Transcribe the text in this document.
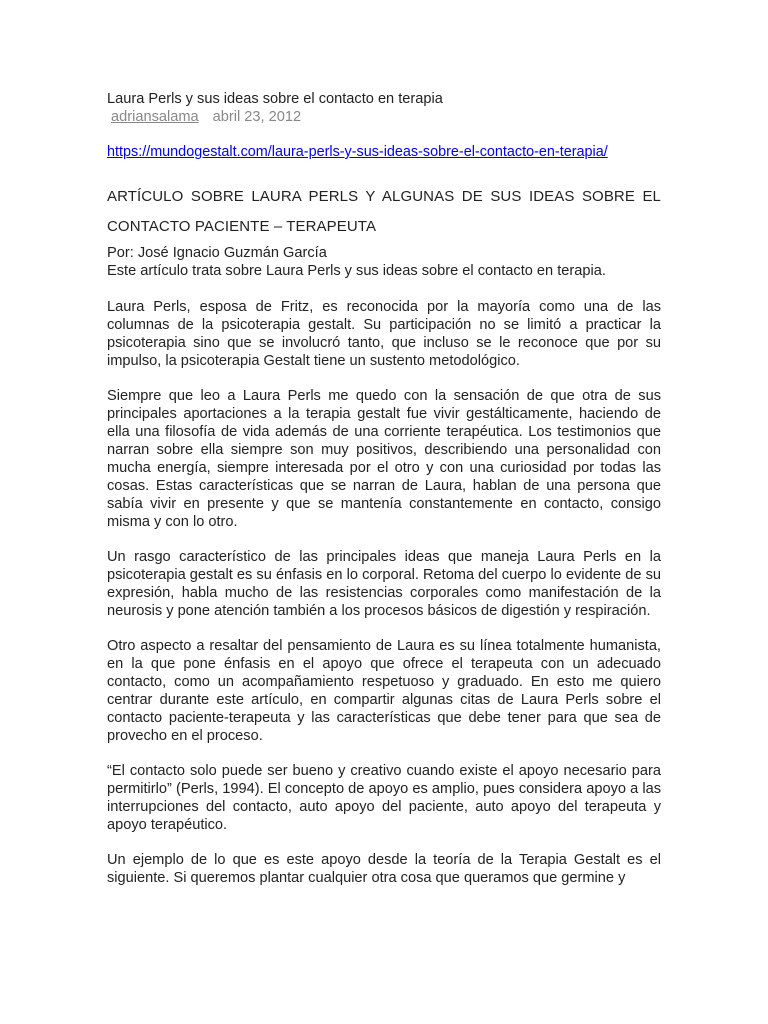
Laura Perls y sus ideas sobre el contacto en terapia
adriansalama abril 23, 2012
https://mundogestalt.com/laura-perls-y-sus-ideas-sobre-el-contacto-en-terapia/
ARTÍCULO SOBRE LAURA PERLS Y ALGUNAS DE SUS IDEAS SOBRE EL CONTACTO PACIENTE – TERAPEUTA
Por: José Ignacio Guzmán García

Este artículo trata sobre Laura Perls y sus ideas sobre el contacto en terapia.

Laura Perls, esposa de Fritz, es reconocida por la mayoría como una de las columnas de la psicoterapia gestalt. Su participación no se limitó a practicar la psicoterapia sino que se involucró tanto, que incluso se le reconoce que por su impulso, la psicoterapia Gestalt tiene un sustento metodológico.

Siempre que leo a Laura Perls me quedo con la sensación de que otra de sus principales aportaciones a la terapia gestalt fue vivir gestálticamente, haciendo de ella una filosofía de vida además de una corriente terapéutica. Los testimonios que narran sobre ella siempre son muy positivos, describiendo una personalidad con mucha energía, siempre interesada por el otro y con una curiosidad por todas las cosas. Estas características que se narran de Laura, hablan de una persona que sabía vivir en presente y que se mantenía constantemente en contacto, consigo misma y con lo otro.

Un rasgo característico de las principales ideas que maneja Laura Perls en la psicoterapia gestalt es su énfasis en lo corporal. Retoma del cuerpo lo evidente de su expresión, habla mucho de las resistencias corporales como manifestación de la neurosis y pone atención también a los procesos básicos de digestión y respiración.

Otro aspecto a resaltar del pensamiento de Laura es su línea totalmente humanista, en la que pone énfasis en el apoyo que ofrece el terapeuta con un adecuado contacto, como un acompañamiento respetuoso y graduado. En esto me quiero centrar durante este artículo, en compartir algunas citas de Laura Perls sobre el contacto paciente-terapeuta y las características que debe tener para que sea de provecho en el proceso.

“El contacto solo puede ser bueno y creativo cuando existe el apoyo necesario para permitirlo” (Perls, 1994). El concepto de apoyo es amplio, pues considera apoyo a las interrupciones del contacto, auto apoyo del paciente, auto apoyo del terapeuta y apoyo terapéutico.

Un ejemplo de lo que es este apoyo desde la teoría de la Terapia Gestalt es el siguiente. Si queremos plantar cualquier otra cosa que queramos que germine y
